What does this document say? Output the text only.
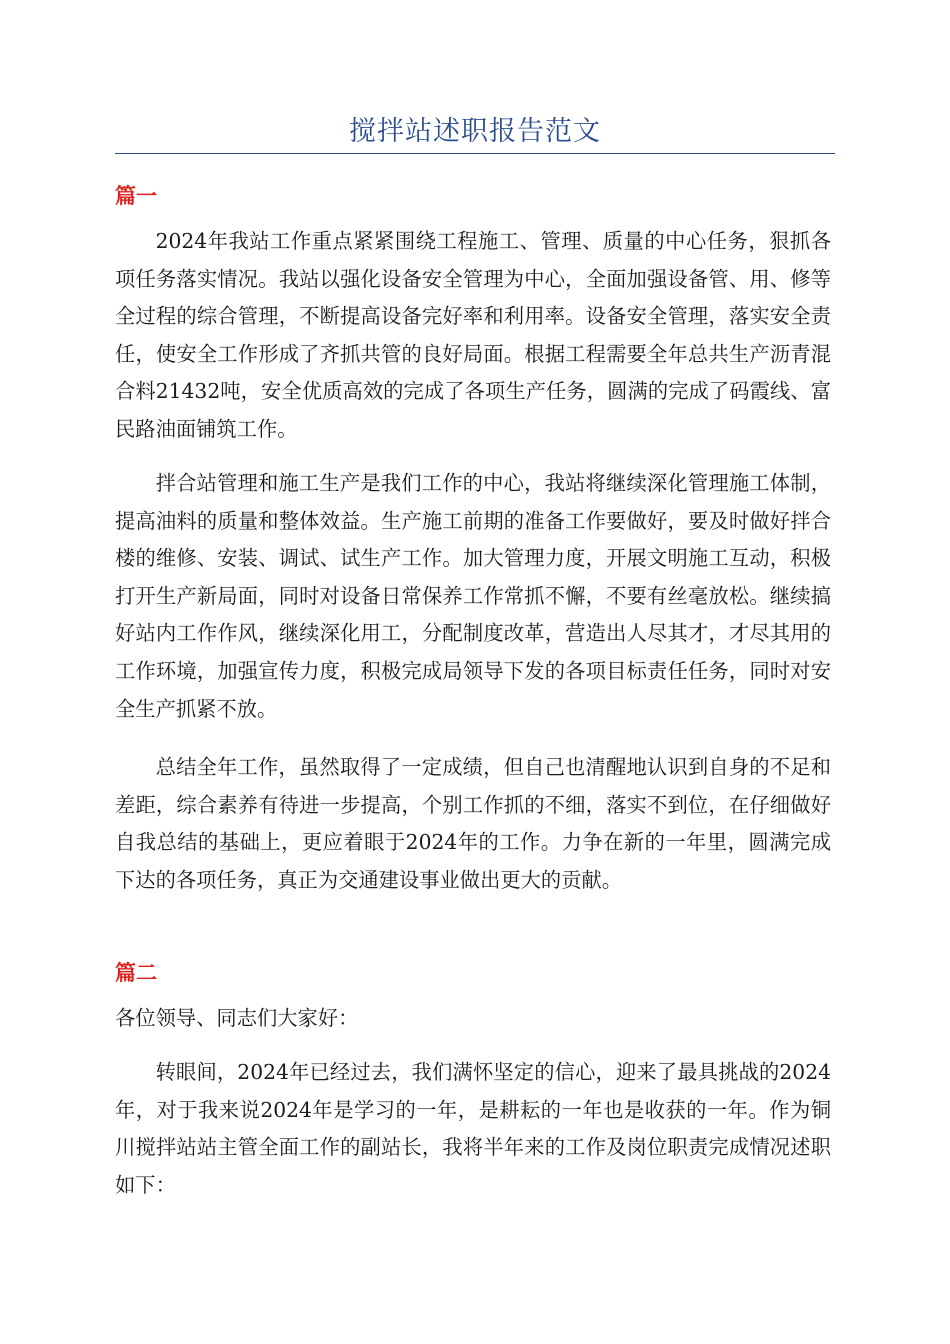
搅拌站述职报告范文
篇一

2024年我站工作重点紧紧围绕工程施工、管理、质量的中心任务，狠抓各项任务落实情况。我站以强化设备安全管理为中心，全面加强设备管、用、修等全过程的综合管理，不断提高设备完好率和利用率。设备安全管理，落实安全责任，使安全工作形成了齐抓共管的良好局面。根据工程需要全年总共生产沥青混合料21432吨，安全优质高效的完成了各项生产任务，圆满的完成了码霞线、富民路油面铺筑工作。

拌合站管理和施工生产是我们工作的中心，我站将继续深化管理施工体制，提高油料的质量和整体效益。生产施工前期的准备工作要做好，要及时做好拌合楼的维修、安装、调试、试生产工作。加大管理力度，开展文明施工互动，积极打开生产新局面，同时对设备日常保养工作常抓不懈，不要有丝毫放松。继续搞好站内工作作风，继续深化用工，分配制度改革，营造出人尽其才，才尽其用的工作环境，加强宣传力度，积极完成局领导下发的各项目标责任任务，同时对安全生产抓紧不放。

总结全年工作，虽然取得了一定成绩，但自己也清醒地认识到自身的不足和差距，综合素养有待进一步提高，个别工作抓的不细，落实不到位，在仔细做好自我总结的基础上，更应着眼于2024年的工作。力争在新的一年里，圆满完成下达的各项任务，真正为交通建设事业做出更大的贡献。

篇二

各位领导、同志们大家好：

转眼间，2024年已经过去，我们满怀坚定的信心，迎来了最具挑战的2024年，对于我来说2024年是学习的一年，是耕耘的一年也是收获的一年。作为铜川搅拌站站主管全面工作的副站长，我将半年来的工作及岗位职责完成情况述职如下：
